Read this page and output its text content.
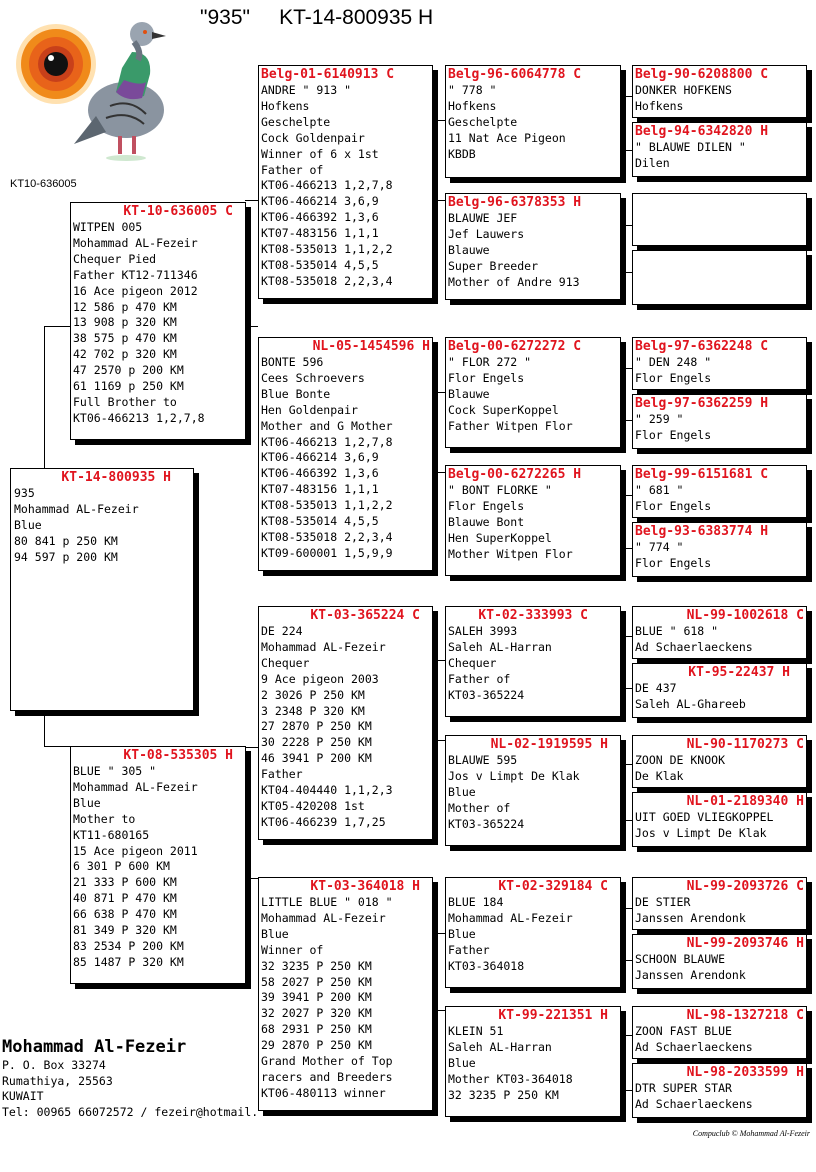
"935"     KT-14-800935 H
KT10-636005
KT-14-800935 H
935
Mohammad AL-Fezeir
Blue
80 841 p 250 KM
94 597 p 200 KM
KT-10-636005 C
WITPEN 005
Mohammad AL-Fezeir
Chequer Pied
Father KT12-711346
16 Ace pigeon 2012
12 586 p 470 KM
13 908 p 320 KM
38 575 p 470 KM
42 702 p 320 KM
47 2570 p 200 KM
61 1169 p 250 KM
Full Brother to
KT06-466213 1,2,7,8
KT-08-535305 H
BLUE " 305 "
Mohammad AL-Fezeir
Blue
Mother to
KT11-680165
15 Ace pigeon 2011
6 301 P 600 KM
21 333 P 600 KM
40 871 P 470 KM
66 638 P 470 KM
81 349 P 320 KM
83 2534 P 200 KM
85 1487 P 320 KM
Belg-01-6140913 C
ANDRE " 913 "
Hofkens
Geschelpte
Cock Goldenpair
Winner of 6 x 1st
Father of
KT06-466213 1,2,7,8
KT06-466214 3,6,9
KT06-466392 1,3,6
KT07-483156 1,1,1
KT08-535013 1,1,2,2
KT08-535014 4,5,5
KT08-535018 2,2,3,4
NL-05-1454596 H
BONTE 596
Cees Schroevers
Blue Bonte
Hen Goldenpair
Mother and G Mother
KT06-466213 1,2,7,8
KT06-466214 3,6,9
KT06-466392 1,3,6
KT07-483156 1,1,1
KT08-535013 1,1,2,2
KT08-535014 4,5,5
KT08-535018 2,2,3,4
KT09-600001 1,5,9,9
KT-03-365224 C
DE 224
Mohammad AL-Fezeir
Chequer
9 Ace pigeon 2003
2 3026 P 250 KM
3 2348 P 320 KM
27 2870 P 250 KM
30 2228 P 250 KM
46 3941 P 200 KM
Father
KT04-404440 1,1,2,3
KT05-420208 1st
KT06-466239 1,7,25
KT-03-364018 H
LITTLE BLUE " 018 "
Mohammad AL-Fezeir
Blue
Winner of
32 3235 P 250 KM
58 2027 P 250 KM
39 3941 P 200 KM
32 2027 P 320 KM
68 2931 P 250 KM
29 2870 P 250 KM
Grand Mother of Top
racers and Breeders
KT06-480113 winner
Belg-96-6064778 C
" 778 "
Hofkens
Geschelpte
11 Nat Ace Pigeon
KBDB
Belg-96-6378353 H
BLAUWE JEF
Jef Lauwers
Blauwe
Super Breeder
Mother of Andre 913
Belg-00-6272272 C
" FLOR 272 "
Flor Engels
Blauwe
Cock SuperKoppel
Father Witpen Flor
Belg-00-6272265 H
" BONT FLORKE "
Flor Engels
Blauwe Bont
Hen SuperKoppel
Mother Witpen Flor
KT-02-333993 C
SALEH 3993
Saleh AL-Harran
Chequer
Father of
KT03-365224
NL-02-1919595 H
BLAUWE 595
Jos v Limpt De Klak
Blue
Mother of
KT03-365224
KT-02-329184 C
BLUE 184
Mohammad AL-Fezeir
Blue
Father
KT03-364018
KT-99-221351 H
KLEIN 51
Saleh AL-Harran
Blue
Mother KT03-364018
32 3235 P 250 KM
Belg-90-6208800 C
DONKER HOFKENS
Hofkens
Belg-94-6342820 H
" BLAUWE DILEN "
Dilen
Belg-97-6362248 C
" DEN 248 "
Flor Engels
Belg-97-6362259 H
" 259 "
Flor Engels
Belg-99-6151681 C
" 681 "
Flor Engels
Belg-93-6383774 H
" 774 "
Flor Engels
NL-99-1002618 C
BLUE " 618 "
Ad Schaerlaeckens
KT-95-22437 H
DE 437
Saleh AL-Ghareeb
NL-90-1170273 C
ZOON DE KNOOK
De Klak
NL-01-2189340 H
UIT GOED VLIEGKOPPEL
Jos v Limpt De Klak
NL-99-2093726 C
DE STIER
Janssen Arendonk
NL-99-2093746 H
SCHOON BLAUWE
Janssen Arendonk
NL-98-1327218 C
ZOON FAST BLUE
Ad Schaerlaeckens
NL-98-2033599 H
DTR SUPER STAR
Ad Schaerlaeckens
Mohammad Al-Fezeir
P. O. Box 33274
Rumathiya, 25563
KUWAIT
Tel: 00965 66072572 / fezeir@hotmail.
Compuclub © Mohammad Al-Fezeir
